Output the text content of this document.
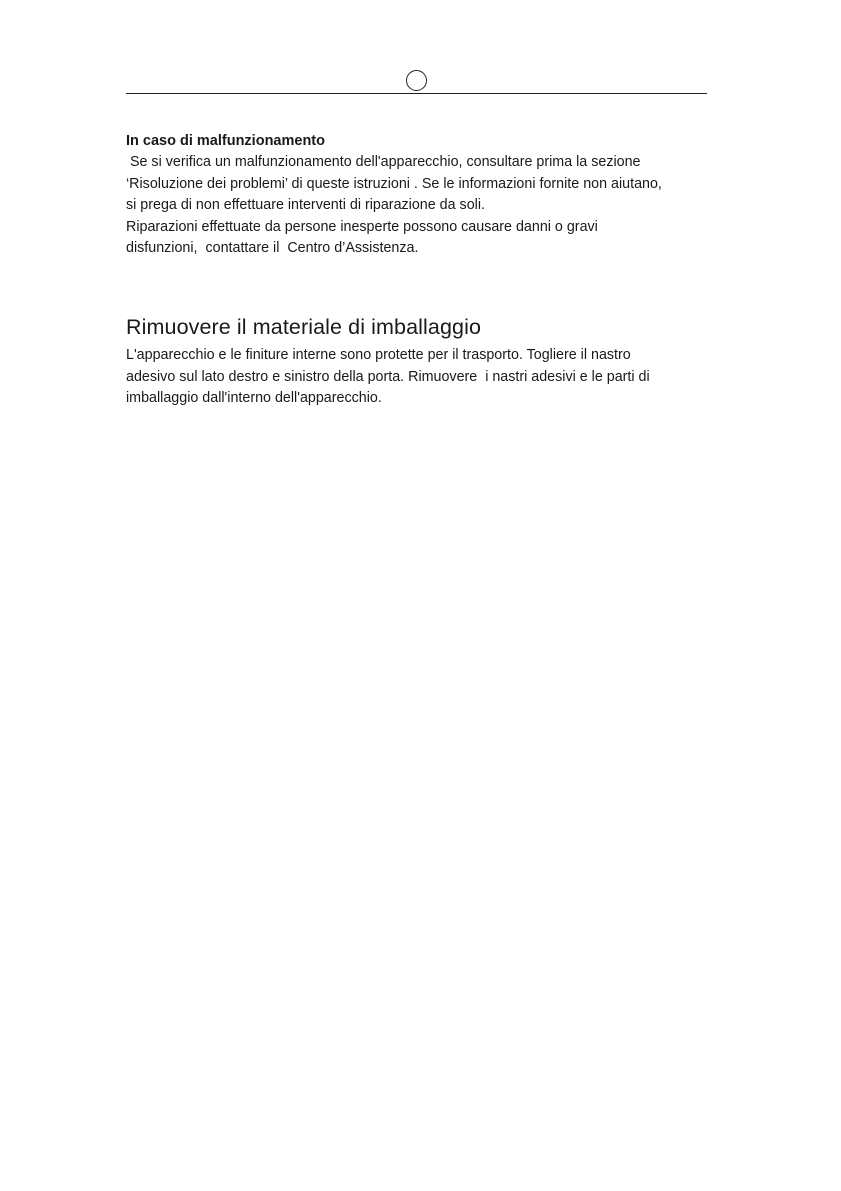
In caso di malfunzionamento
Se si verifica un malfunzionamento dell'apparecchio, consultare prima la sezione
‘Risoluzione dei problemi’ di queste istruzioni . Se le informazioni fornite non aiutano,
si prega di non effettuare interventi di riparazione da soli.
Riparazioni effettuate da persone inesperte possono causare danni o gravi
disfunzioni,  contattare il  Centro d’Assistenza.
Rimuovere il materiale di imballaggio
L'apparecchio e le finiture interne sono protette per il trasporto. Togliere il nastro
adesivo sul lato destro e sinistro della porta. Rimuovere  i nastri adesivi e le parti di
imballaggio dall'interno dell'apparecchio.
